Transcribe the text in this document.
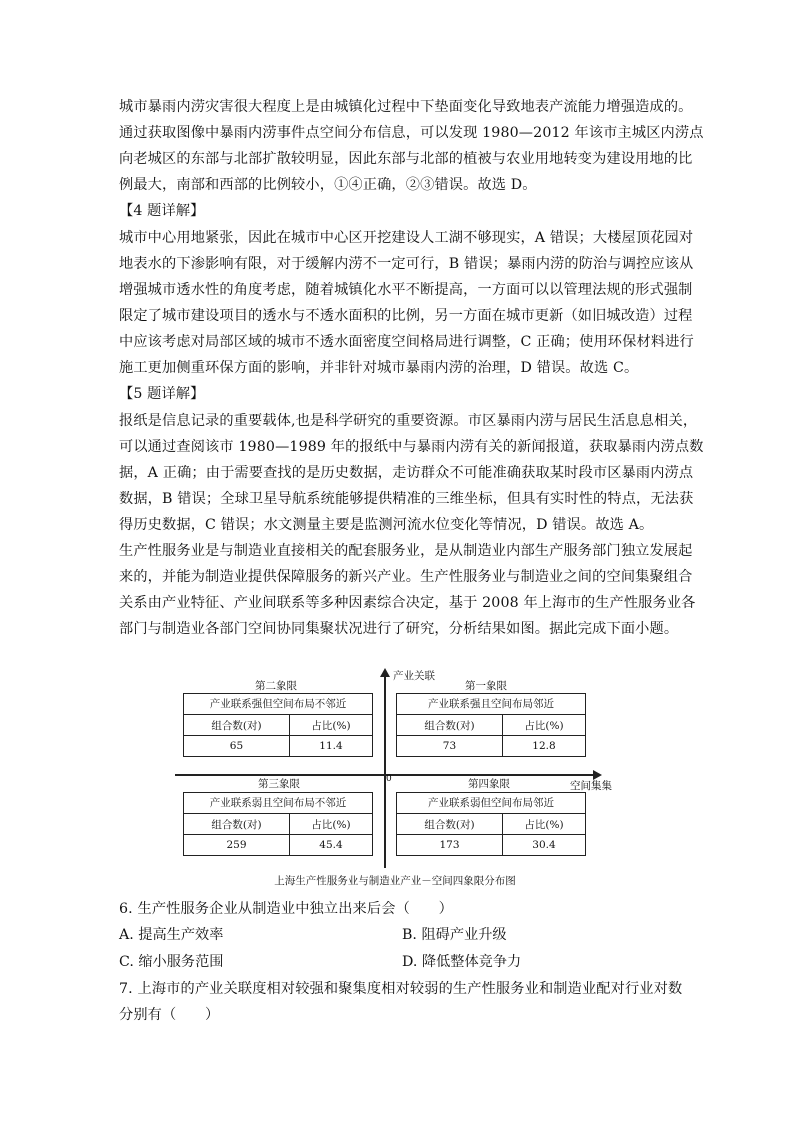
城市暴雨内涝灾害很大程度上是由城镇化过程中下垫面变化导致地表产流能力增强造成的。
通过获取图像中暴雨内涝事件点空间分布信息，可以发现 1980—2012 年该市主城区内涝点
向老城区的东部与北部扩散较明显，因此东部与北部的植被与农业用地转变为建设用地的比
例最大，南部和西部的比例较小，①④正确，②③错误。故选 D。
【4 题详解】
城市中心用地紧张，因此在城市中心区开挖建设人工湖不够现实，A 错误；大楼屋顶花园对
地表水的下渗影响有限，对于缓解内涝不一定可行，B 错误；暴雨内涝的防治与调控应该从
增强城市透水性的角度考虑，随着城镇化水平不断提高，一方面可以以管理法规的形式强制
限定了城市建设项目的透水与不透水面积的比例，另一方面在城市更新（如旧城改造）过程
中应该考虑对局部区域的城市不透水面密度空间格局进行调整，C 正确；使用环保材料进行
施工更加侧重环保方面的影响，并非针对城市暴雨内涝的治理，D 错误。故选 C。
【5 题详解】
报纸是信息记录的重要载体,也是科学研究的重要资源。市区暴雨内涝与居民生活息息相关，
可以通过查阅该市 1980—1989 年的报纸中与暴雨内涝有关的新闻报道，获取暴雨内涝点数
据，A 正确；由于需要查找的是历史数据，走访群众不可能准确获取某时段市区暴雨内涝点
数据，B 错误；全球卫星导航系统能够提供精准的三维坐标，但具有实时性的特点，无法获
得历史数据，C 错误；水文测量主要是监测河流水位变化等情况，D 错误。故选 A。
生产性服务业是与制造业直接相关的配套服务业，是从制造业内部生产服务部门独立发展起
来的，并能为制造业提供保障服务的新兴产业。生产性服务业与制造业之间的空间集聚组合
关系由产业特征、产业间联系等多种因素综合决定，基于 2008 年上海市的生产性服务业各
部门与制造业各部门空间协同集聚状况进行了研究，分析结果如图。据此完成下面小题。
产业关联
空间集集
0
第二象限	第一象限
第三象限	第四象限
产业联系强但空间布局不邻近
组合数(对)	占比(%)
65	11.4
产业联系强且空间布局邻近
组合数(对)	占比(%)
73	12.8
产业联系弱且空间布局不邻近
组合数(对)	占比(%)
259	45.4
产业联系弱但空间布局邻近
组合数(对)	占比(%)
173	30.4
上海生产性服务业与制造业产业－空间四象限分布图
6. 生产性服务企业从制造业中独立出来后会（　　）
A. 提高生产效率	B. 阻碍产业升级
C. 缩小服务范围	D. 降低整体竞争力
7. 上海市的产业关联度相对较强和聚集度相对较弱的生产性服务业和制造业配对行业对数
分别有（　　）
